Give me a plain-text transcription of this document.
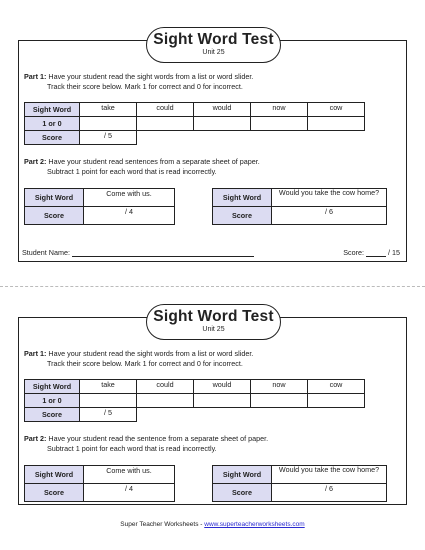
Sight Word Test
Unit 25
Part 1: Have your student read the sight words from a list or word slider.
Track their score below. Mark 1 for correct and 0 for incorrect.
Sight Word	take	could	would	now	cow
1 or 0					
Score	/ 5				
Part 2: Have your student read sentences from a separate sheet of paper.
Subtract 1 point for each word that is read incorrectly.
Sight Word	Come with us.
Score	/ 4
Sight Word	Would you take the cow home?
Score	/ 6
Student Name:	Score:	/ 15
Sight Word Test
Unit 25
Part 1: Have your student read the sight words from a list or word slider.
Track their score below. Mark 1 for correct and 0 for incorrect.
Sight Word	take	could	would	now	cow
1 or 0					
Score	/ 5				
Part 2: Have your student read the sentence from a separate sheet of paper.
Subtract 1 point for each word that is read incorrectly.
Sight Word	Come with us.
Score	/ 4
Sight Word	Would you take the cow home?
Score	/ 6
Super Teacher Worksheets - www.superteacherworksheets.com
